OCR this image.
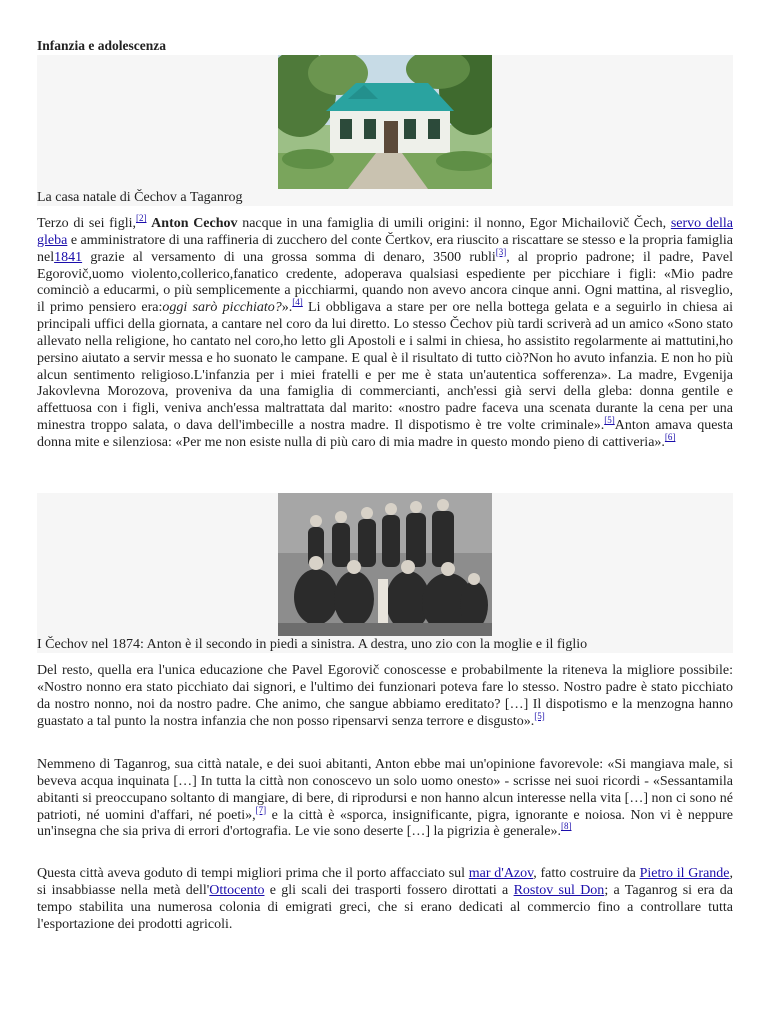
Infanzia e adolescenza
La casa natale di Čechov a Taganrog
Terzo di sei figli,[2] Anton Cechov nacque in una famiglia di umili origini: il nonno, Egor Michailovič Čech, servo della gleba e amministratore di una raffineria di zucchero del conte Čertkov, era riuscito a riscattare se stesso e la propria famiglia nel1841 grazie al versamento di una grossa somma di denaro, 3500 rubli[3], al proprio padrone; il padre, Pavel Egorovič,uomo violento,collerico,fanatico credente, adoperava qualsiasi espediente per picchiare i figli: «Mio padre cominciò a educarmi, o più semplicemente a picchiarmi, quando non avevo ancora cinque anni. Ogni mattina, al risveglio, il primo pensiero era:oggi sarò picchiato?».[4] Li obbligava a stare per ore nella bottega gelata e a seguirlo in chiesa ai principali uffici della giornata, a cantare nel coro da lui diretto. Lo stesso Čechov più tardi scriverà ad un amico «Sono stato allevato nella religione, ho cantato nel coro,ho letto gli Apostoli e i salmi in chiesa, ho assistito regolarmente ai mattutini,ho persino aiutato a servir messa e ho suonato le campane. E qual è il risultato di tutto ciò?Non ho avuto infanzia. E non ho più alcun sentimento religioso.L'infanzia per i miei fratelli e per me è stata un'autentica sofferenza». La madre, Evgenija Jakovlevna Morozova, proveniva da una famiglia di commercianti, anch'essi già servi della gleba: donna gentile e affettuosa con i figli, veniva anch'essa maltrattata dal marito: «nostro padre faceva una scenata durante la cena per una minestra troppo salata, o dava dell'imbecille a nostra madre. Il dispotismo è tre volte criminale».[5]Anton amava questa donna mite e silenziosa: «Per me non esiste nulla di più caro di mia madre in questo mondo pieno di cattiveria».[6]
I Čechov nel 1874: Anton è il secondo in piedi a sinistra. A destra, uno zio con la moglie e il figlio
Del resto, quella era l'unica educazione che Pavel Egorovič conoscesse e probabilmente la riteneva la migliore possibile: «Nostro nonno era stato picchiato dai signori, e l'ultimo dei funzionari poteva fare lo stesso. Nostro padre è stato picchiato da nostro nonno, noi da nostro padre. Che animo, che sangue abbiamo ereditato? […] Il dispotismo e la menzogna hanno guastato a tal punto la nostra infanzia che non posso ripensarvi senza terrore e disgusto».[5]
Nemmeno di Taganrog, sua città natale, e dei suoi abitanti, Anton ebbe mai un'opinione favorevole: «Si mangiava male, si beveva acqua inquinata […] In tutta la città non conoscevo un solo uomo onesto» - scrisse nei suoi ricordi - «Sessantamila abitanti si preoccupano soltanto di mangiare, di bere, di riprodursi e non hanno alcun interesse nella vita […] non ci sono né patrioti, né uomini d'affari, né poeti»,[7] e la città è «sporca, insignificante, pigra, ignorante e noiosa. Non vi è neppure un'insegna che sia priva di errori d'ortografia. Le vie sono deserte […] la pigrizia è generale».[8]
Questa città aveva goduto di tempi migliori prima che il porto affacciato sul mar d'Azov, fatto costruire da Pietro il Grande, si insabbiasse nella metà dell'Ottocento e gli scali dei trasporti fossero dirottati a Rostov sul Don; a Taganrog si era da tempo stabilita una numerosa colonia di emigrati greci, che si erano dedicati al commercio fino a controllare tutta l'esportazione dei prodotti agricoli.
